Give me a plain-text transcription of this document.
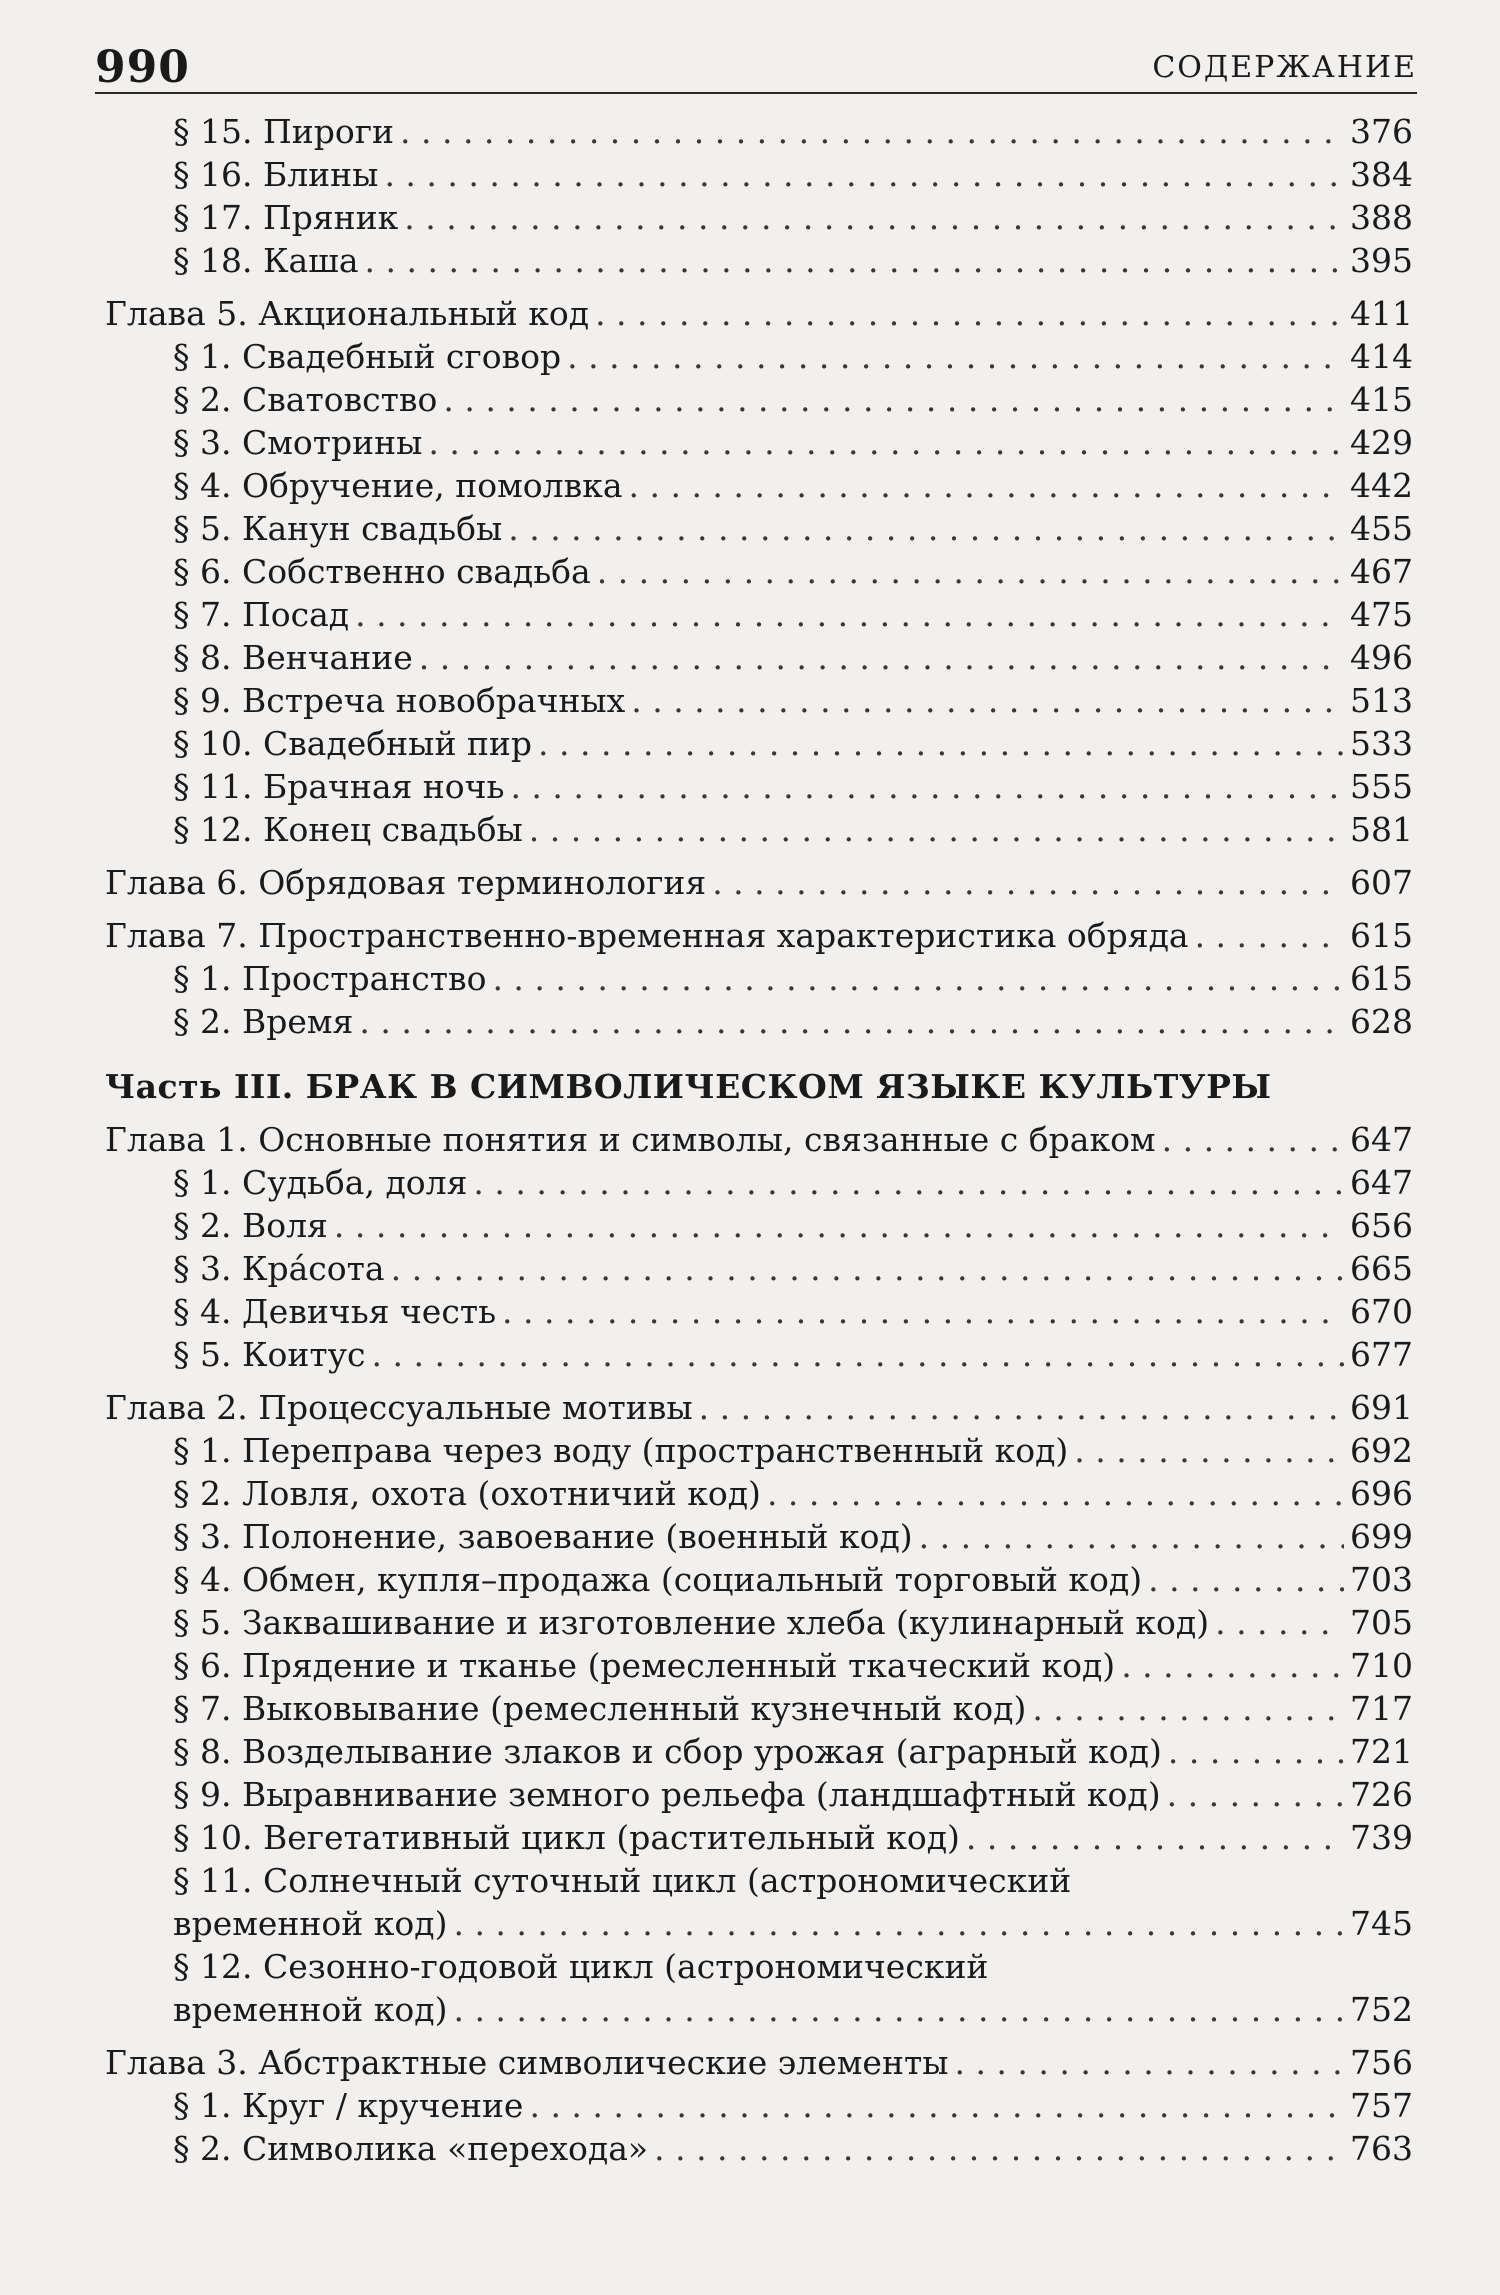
990	СОДЕРЖАНИЕ
§ 15. Пироги . . .	376
§ 16. Блины . . .	384
§ 17. Пряник . . .	388
§ 18. Каша . . .	395
Глава 5. Акциональный код . . .	411
§ 1. Свадебный сговор . . .	414
§ 2. Сватовство . . .	415
§ 3. Смотрины . . .	429
§ 4. Обручение, помолвка . . .	442
§ 5. Канун свадьбы . . .	455
§ 6. Собственно свадьба . . .	467
§ 7. Посад . . .	475
§ 8. Венчание . . .	496
§ 9. Встреча новобрачных . . .	513
§ 10. Свадебный пир . . .	533
§ 11. Брачная ночь . . .	555
§ 12. Конец свадьбы . . .	581
Глава 6. Обрядовая терминология . . .	607
Глава 7. Пространственно-временная характеристика обряда . . .	615
§ 1. Пространство . . .	615
§ 2. Время . . .	628
Часть III. БРАК В СИМВОЛИЧЕСКОМ ЯЗЫКЕ КУЛЬТУРЫ
Глава 1. Основные понятия и символы, связанные с браком . . .	647
§ 1. Судьба, доля . . .	647
§ 2. Воля . . .	656
§ 3. Крáсота . . .	665
§ 4. Девичья честь . . .	670
§ 5. Коитус . . .	677
Глава 2. Процессуальные мотивы . . .	691
§ 1. Переправа через воду (пространственный код) . . .	692
§ 2. Ловля, охота (охотничий код) . . .	696
§ 3. Полонение, завоевание (военный код) . . .	699
§ 4. Обмен, купля–продажа (социальный торговый код) . . .	703
§ 5. Заквашивание и изготовление хлеба (кулинарный код) . . .	705
§ 6. Прядение и тканье (ремесленный ткаческий код) . . .	710
§ 7. Выковывание (ремесленный кузнечный код) . . .	717
§ 8. Возделывание злаков и сбор урожая (аграрный код) . . .	721
§ 9. Выравнивание земного рельефа (ландшафтный код) . . .	726
§ 10. Вегетативный цикл (растительный код) . . .	739
§ 11. Солнечный суточный цикл (астрономический
временной код) . . .	745
§ 12. Сезонно-годовой цикл (астрономический
временной код) . . .	752
Глава 3. Абстрактные символические элементы . . .	756
§ 1. Круг / кручение . . .	757
§ 2. Символика «перехода» . . .	763
